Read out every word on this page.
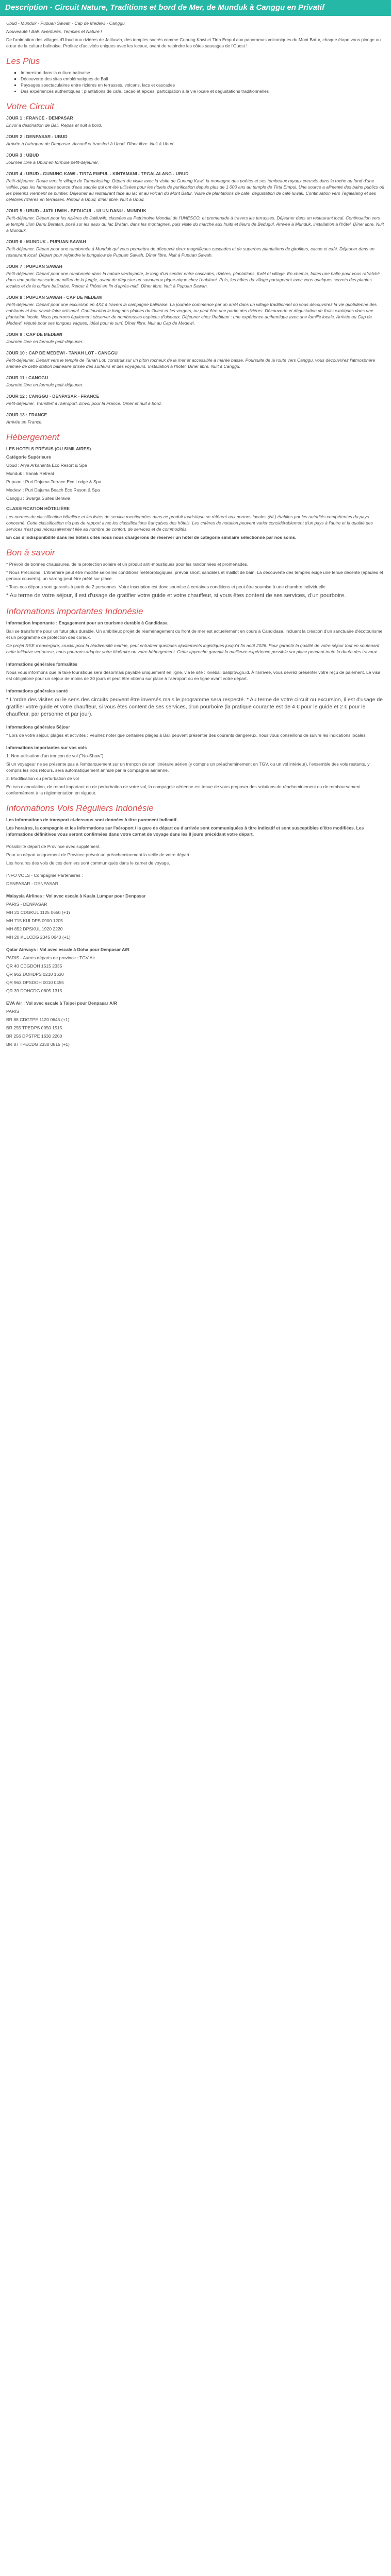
Description - Circuit Nature, Traditions et bord de Mer, de Munduk à Canggu en Privatif

Ubud - Munduk - Pupuan Sawah - Cap de Medewi - Canggu

Nouveauté ! Bali, Aventures, Temples et Nature !

De l'animation des villages d'Ubud aux rizières de Jatiluwih, des temples sacrés comme Gunung Kawi et Tirta Empul aux panoramas volcaniques du Mont Batur, chaque étape vous plonge au cœur de la culture balinaise. Profitez d'activités uniques avec les locaux, avant de rejoindre les côtes sauvages de l'Ouest !

Les Plus
▪ Immersion dans la culture balinaise
▪ Découverte des sites emblématiques de Bali
▪ Paysages spectaculaires entre rizières en terrasses, volcans, lacs et cascades
▪ Des expériences authentiques : plantations de café, cacao et épices, participation à la vie locale et dégustations traditionnelles
Votre Circuit
JOUR 1 : FRANCE - DENPASAR

Envol à destination de Bali. Repas et nuit à bord.

JOUR 2 : DENPASAR - UBUD

Arrivée à l'aéroport de Denpasar. Accueil et transfert à Ubud. Dîner libre. Nuit à Ubud.

JOUR 3 : UBUD

Journée libre à Ubud en formule petit-déjeuner.

JOUR 4 : UBUD - GUNUNG KAWI - TIRTA EMPUL - KINTAMANI - TEGALALANG - UBUD

Petit-déjeuner. Route vers le village de Tampaksiring. Départ de visite avec la visite de Gunung Kawi, la montagne des poètes et ses tombeaux royaux creusés dans la roche au fond d'une vallée, puis les fameuses source d'eau sacrée qui ont été utilisées pour les rituels de purification depuis plus de 1 000 ans au temple de Tirta Empul. Une source a alimenté des bains publics où les pèlerins viennent se purifier. Déjeuner au restaurant face au lac et au volcan du Mont Batur. Visite de plantations de café, dégustation de café luwak. Continuation vers Tegalalang et ses célèbres rizières en terrasses. Retour à Ubud, dîner libre. Nuit à Ubud.

JOUR 5 : UBUD - JATILUWIH - BEDUGUL - ULUN DANU - MUNDUK

Petit-déjeuner. Départ pour les rizières de Jatiluwih, classées au Patrimoine Mondial de l'UNESCO, et promenade à travers les terrasses. Déjeuner dans un restaurant local. Continuation vers le temple Ulun Danu Beratan, posé sur les eaux du lac Bratan, dans les montagnes, puis visite du marché aux fruits et fleurs de Bedugul. Arrivée à Munduk, installation à l'hôtel. Dîner libre. Nuit à Munduk.

JOUR 6 : MUNDUK - PUPUAN SAWAH

Petit-déjeuner. Départ pour une randonnée à Munduk qui vous permettra de découvrir deux magnifiques cascades et de superbes plantations de girofliers, cacao et café. Déjeuner dans un restaurant local. Départ pour rejoindre le bungalow de Pupuan Sawah. Dîner libre. Nuit à Pupuan Sawah.

JOUR 7 : PUPUAN SAWAH

Petit-déjeuner. Départ pour une randonnée dans la nature verdoyante, le long d'un sentier entre cascades, rizières, plantations, forêt et village. En chemin, faites une halte pour vous rafraîchir dans une petite cascade au milieu de la jungle, avant de déguster un savoureux pique-nique chez l'habitant. Puis, les hôtes du village partageront avec vous quelques secrets des plantes locales et de la culture balinaise. Retour à l'hôtel en fin d'après-midi. Dîner libre. Nuit à Pupuan Sawah.

JOUR 8 : PUPUAN SAWAH - CAP DE MEDEWI

Petit-déjeuner. Départ pour une excursion en 4X4 à travers la campagne balinaise. La journée commence par un arrêt dans un village traditionnel où vous découvrirez la vie quotidienne des habitants et leur savoir-faire artisanal. Continuation le long des plaines du Ouest et les vergers, ou peut-être une partie des rizières. Découverte et dégustation de fruits exotiques dans une plantation locale. Nous pourrons également observer de nombreuses espèces d'oiseaux. Déjeuner chez l'habitant : une expérience authentique avec une famille locale. Arrivée au Cap de Medewi, réputé pour ses longues vagues, idéal pour le surf. Dîner libre. Nuit au Cap de Medewi.

JOUR 9 : CAP DE MEDEWI

Journée libre en formule petit-déjeuner.

JOUR 10 : CAP DE MEDEWI - TANAH LOT - CANGGU

Petit-déjeuner. Départ vers le temple de Tanah Lot, construit sur un piton rocheux de la mer et accessible à marée basse. Poursuite de la route vers Canggu, vous découvrirez l'atmosphère animée de cette station balnéaire prisée des surfeurs et des voyageurs. Installation à l'hôtel. Dîner libre. Nuit à Canggu.

JOUR 11 : CANGGU

Journée libre en formule petit-déjeuner.

JOUR 12 : CANGGU - DENPASAR - FRANCE

Petit-déjeuner. Transfert à l'aéroport. Envol pour la France. Dîner et nuit à bord.

JOUR 13 : FRANCE

Arrivée en France.

Hébergement

LES HOTELS PRÉVUS (OU SIMILAIRES)

Catégorie Supérieure

Ubud : Arya Arkananta Eco Resort & Spa

Munduk : Sanak Retreat

Pupuan : Puri Dajuma Terrace Eco Lodge & Spa

Medewi : Puri Dajuma Beach Eco Resort & Spa

Canggu : Swarga Suites Berawa

CLASSIFICATION HÔTELIÈRE

Les normes de classification hôtelière et les listes de service mentionnées dans ce produit touristique se réfèrent aux normes locales (NL) établies par les autorités compétentes du pays concerné. Cette classification n'a pas de rapport avec les classifications françaises des hôtels. Les critères de notation peuvent varier considérablement d'un pays à l'autre et la qualité des services n'est pas nécessairement liée au nombre de confort, de services et de commodités.

En cas d'indisponibilité dans les hôtels cités nous nous chargerons de réserver un hôtel de catégorie similaire sélectionné par nos soins.

Bon à savoir

* Prévoir de bonnes chaussures, de la protection solaire et un produit anti-moustiques pour les randonnées et promenades.

* Nous Précisons : L'itinéraire peut être modifié selon les conditions météorologiques, prévoir short, sandales et maillot de bain. La découverte des temples exige une tenue décente (épaules et genoux couverts), un sarong peut être prêté sur place.

* Tous nos départs sont garantis à partir de 2 personnes. Votre inscription est donc soumise à certaines conditions et peut être soumise à une chambre individuelle.

* Au terme de votre séjour, il est d'usage de gratifier votre guide et votre chauffeur, si vous êtes content de ses services, d'un pourboire.

Informations importantes Indonésie

Information Importante : Engagement pour un tourisme durable à Candidasa

Bali se transforme pour un futur plus durable. Un ambitieux projet de réaménagement du front de mer est actuellement en cours à Candidasa, incluant la création d'un sanctuaire d'écotourisme et un programme de protection des coraux.

Ce projet RSE d'envergure, crucial pour la biodiversité marine, peut entraîner quelques ajustements logistiques jusqu'à fin août 2026. Pour garantir la qualité de votre séjour tout en soutenant cette initiative vertueuse, nous pourrons adapter votre itinéraire ou votre hébergement. Cette approche garantit la meilleure expérience possible sur place pendant toute la durée des travaux.

Informations générales formalités

Nous vous informons que la taxe touristique sera désormais payable uniquement en ligne, via le site : lovebali.baliprov.go.id. À l'arrivée, vous devrez présenter votre reçu de paiement. Le visa est obligatoire pour un séjour de moins de 30 jours et peut être obtenu sur place à l'aéroport ou en ligne avant votre départ.

Informations générales santé

* L'ordre des visites ou le sens des circuits peuvent être inversés mais le programme sera respecté. * Au terme de votre circuit ou excursion, il est d'usage de gratifier votre guide et votre chauffeur, si vous êtes content de ses services, d'un pourboire (la pratique courante est de 4 € pour le guide et 2 € pour le chauffeur, par personne et par jour).

Informations générales Séjour

* Lors de votre séjour, plages et activités : Veuillez noter que certaines plages à Bali peuvent présenter des courants dangereux, nous vous conseillons de suivre les indications locales.

Informations importantes sur vos vols

1. Non-utilisation d'un tronçon de vol ("No-Show").

Si un voyageur ne se présente pas à l'embarquement sur un tronçon de son itinéraire aérien (y compris un préacheminement en TGV, ou un vol intérieur), l'ensemble des vols restants, y compris les vols retours, sera automatiquement annulé par la compagnie aérienne.

2. Modification ou perturbation de vol

En cas d'annulation, de retard important ou de perturbation de votre vol, la compagnie aérienne est tenue de vous proposer des solutions de réacheminement ou de remboursement conformément à la réglementation en vigueur.

Informations Vols Réguliers Indonésie

Les informations de transport ci-dessous sont données à titre purement indicatif.

Les horaires, la compagnie et les informations sur l'aéroport / la gare de départ ou d'arrivée sont communiquées à titre indicatif et sont susceptibles d'être modifiées. Les informations définitives vous seront confirmées dans votre carnet de voyage dans les 8 jours précédant votre départ.

Possibilité départ de Province avec supplément.

Pour un départ uniquement de Province prévoir un préacheminement la veille de votre départ.

Les horaires des vols de ces derniers sont communiqués dans le carnet de voyage.

INFO VOLS - Compagnie Partenaires :

DENPASAR - DENPASAR

Malaysia Airlines : Vol avec escale à Kuala Lumpur pour Denpasar

PARIS - DENPASAR

MH 21 CDGKUL 1125 0650 (+1)

MH 715 KULDPS 0900 1205

MH 852 DPSKUL 1920 2220

MH 20 KULCDG 2345 0640 (+1)

Qatar Airways : Vol avec escale à Doha pour Denpasar A/R

PARIS - Autres départs de province : TGV Air

QR 40 CDGDOH 1515 2335

QR 962 DOHDPS 0210 1630

QR 963 DPSDOH 0010 0455

QR 39 DOHCDG 0805 1315

EVA Air : Vol avec escale à Taipei pour Denpasar A/R

PARIS

BR 88 CDGTPE 1120 0645 (+1)

BR 255 TPEDPS 0950 1515

BR 256 DPSTPE 1630 2200

BR 87 TPECDG 2330 0815 (+1)
